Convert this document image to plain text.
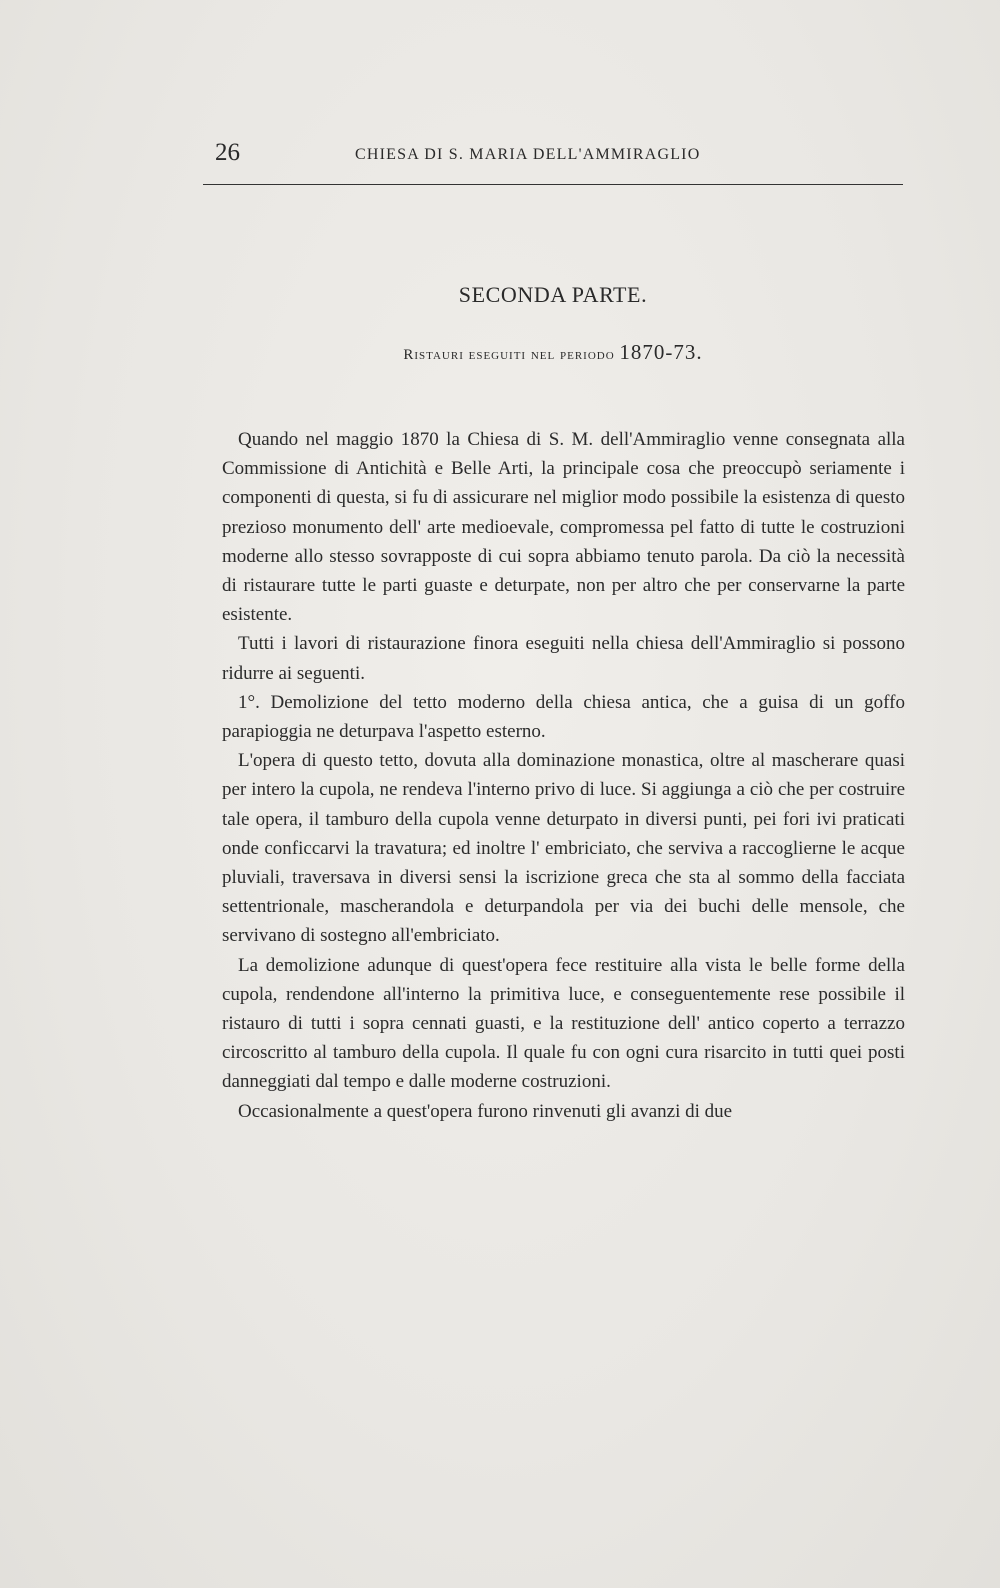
26	CHIESA DI S. MARIA DELL'AMMIRAGLIO
SECONDA PARTE.
Ristauri eseguiti nel periodo 1870-73.

Quando nel maggio 1870 la Chiesa di S. M. dell'Ammiraglio venne consegnata alla Commissione di Antichità e Belle Arti, la principale cosa che preoccupò seriamente i componenti di questa, si fu di assicurare nel miglior modo possibile la esistenza di questo prezioso monumento dell' arte medioevale, compromessa pel fatto di tutte le costruzioni moderne allo stesso sovrapposte di cui sopra abbiamo tenuto parola. Da ciò la necessità di ristaurare tutte le parti guaste e deturpate, non per altro che per conservarne la parte esistente.

Tutti i lavori di ristaurazione finora eseguiti nella chiesa dell'Ammiraglio si possono ridurre ai seguenti.

1°. Demolizione del tetto moderno della chiesa antica, che a guisa di un goffo parapioggia ne deturpava l'aspetto esterno.

L'opera di questo tetto, dovuta alla dominazione monastica, oltre al mascherare quasi per intero la cupola, ne rendeva l'interno privo di luce. Si aggiunga a ciò che per costruire tale opera, il tamburo della cupola venne deturpato in diversi punti, pei fori ivi praticati onde conficcarvi la travatura; ed inoltre l' embriciato, che serviva a raccoglierne le acque pluviali, traversava in diversi sensi la iscrizione greca che sta al sommo della facciata settentrionale, mascherandola e deturpandola per via dei buchi delle mensole, che servivano di sostegno all'embriciato.

La demolizione adunque di quest'opera fece restituire alla vista le belle forme della cupola, rendendone all'interno la primitiva luce, e conseguentemente rese possibile il ristauro di tutti i sopra cennati guasti, e la restituzione dell' antico coperto a terrazzo circoscritto al tamburo della cupola. Il quale fu con ogni cura risarcito in tutti quei posti danneggiati dal tempo e dalle moderne costruzioni.

Occasionalmente a quest'opera furono rinvenuti gli avanzi di due
